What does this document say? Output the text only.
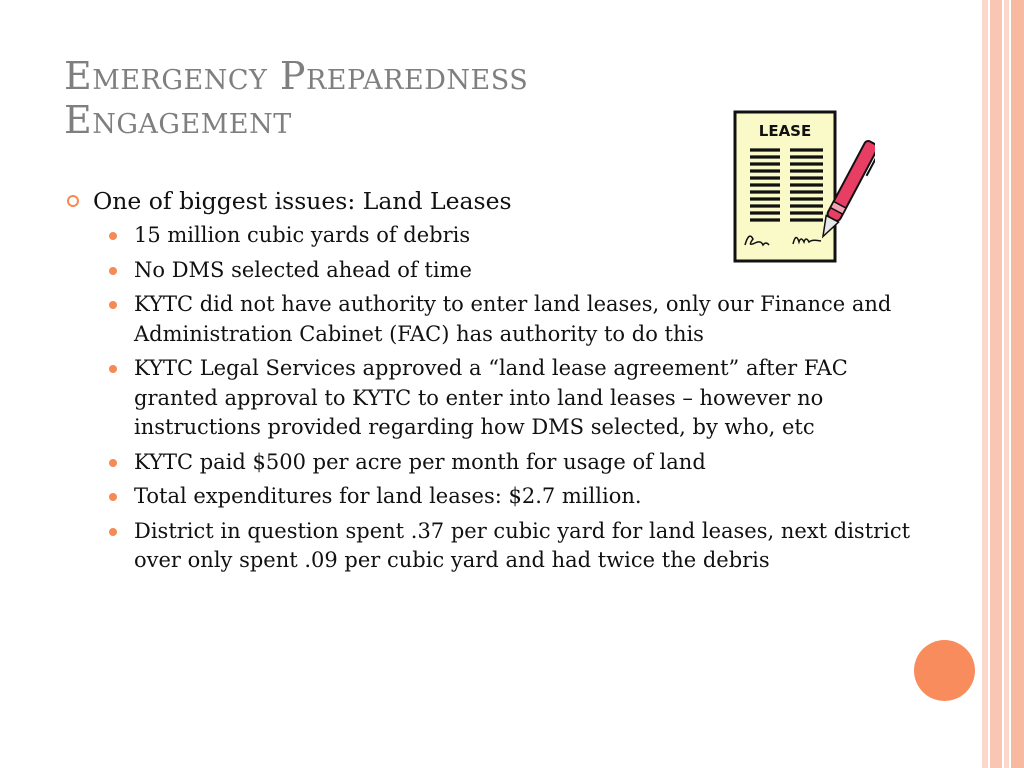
Emergency Preparedness
Engagement	LEASE
One of biggest issues: Land Leases
15 million cubic yards of debris
No DMS selected ahead of time
KYTC did not have authority to enter land leases, only our Finance and Administration Cabinet (FAC) has authority to do this
KYTC Legal Services approved a “land lease agreement” after FAC granted approval to KYTC to enter into land leases – however no instructions provided regarding how DMS selected, by who, etc
KYTC paid $500 per acre per month for usage of land
Total expenditures for land leases: $2.7 million.
District in question spent .37 per cubic yard for land leases, next district over only spent .09 per cubic yard and had twice the debris
